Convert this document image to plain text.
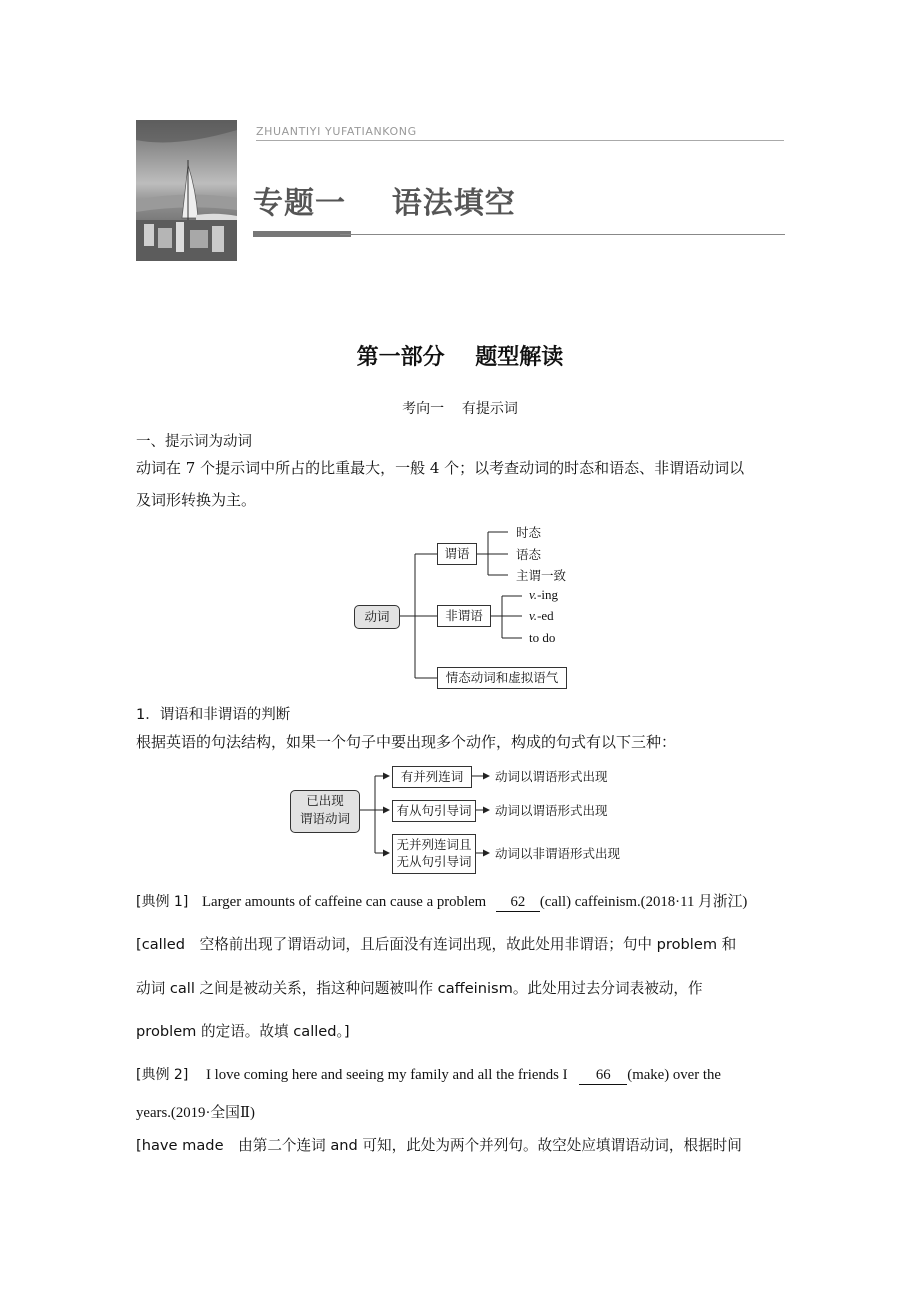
ZHUANTIYI YUFATIANKONG
专题一    语法填空
第一部分    题型解读
考向一    有提示词
一、提示词为动词
动词在 7 个提示词中所占的比重最大，一般 4 个；以考查动词的时态和语态、非谓语动词以
及词形转换为主。
动词
谓语
非谓语
情态动词和虚拟语气
时态
语态
主谓一致
v.-ing
v.-ed
to do
1．谓语和非谓语的判断
根据英语的句法结构，如果一个句子中要出现多个动作，构成的句式有以下三种：
已出现
谓语动词
有并列连词
有从句引导词
无并列连词且
无从句引导词
动词以谓语形式出现
动词以谓语形式出现
动词以非谓语形式出现
[典例 1] Larger amounts of caffeine can cause a problem 62 (call) caffeinism.(2018·11 月浙江)
[called　空格前出现了谓语动词，且后面没有连词出现，故此处用非谓语；句中 problem 和
动词 call 之间是被动关系，指这种问题被叫作 caffeinism。此处用过去分词表被动，作
problem 的定语。故填 called。]
[典例 2] I love coming here and seeing my family and all the friends I 66 (make) over the
years.(2019·全国Ⅱ)
[have made　由第二个连词 and 可知，此处为两个并列句。故空处应填谓语动词，根据时间
